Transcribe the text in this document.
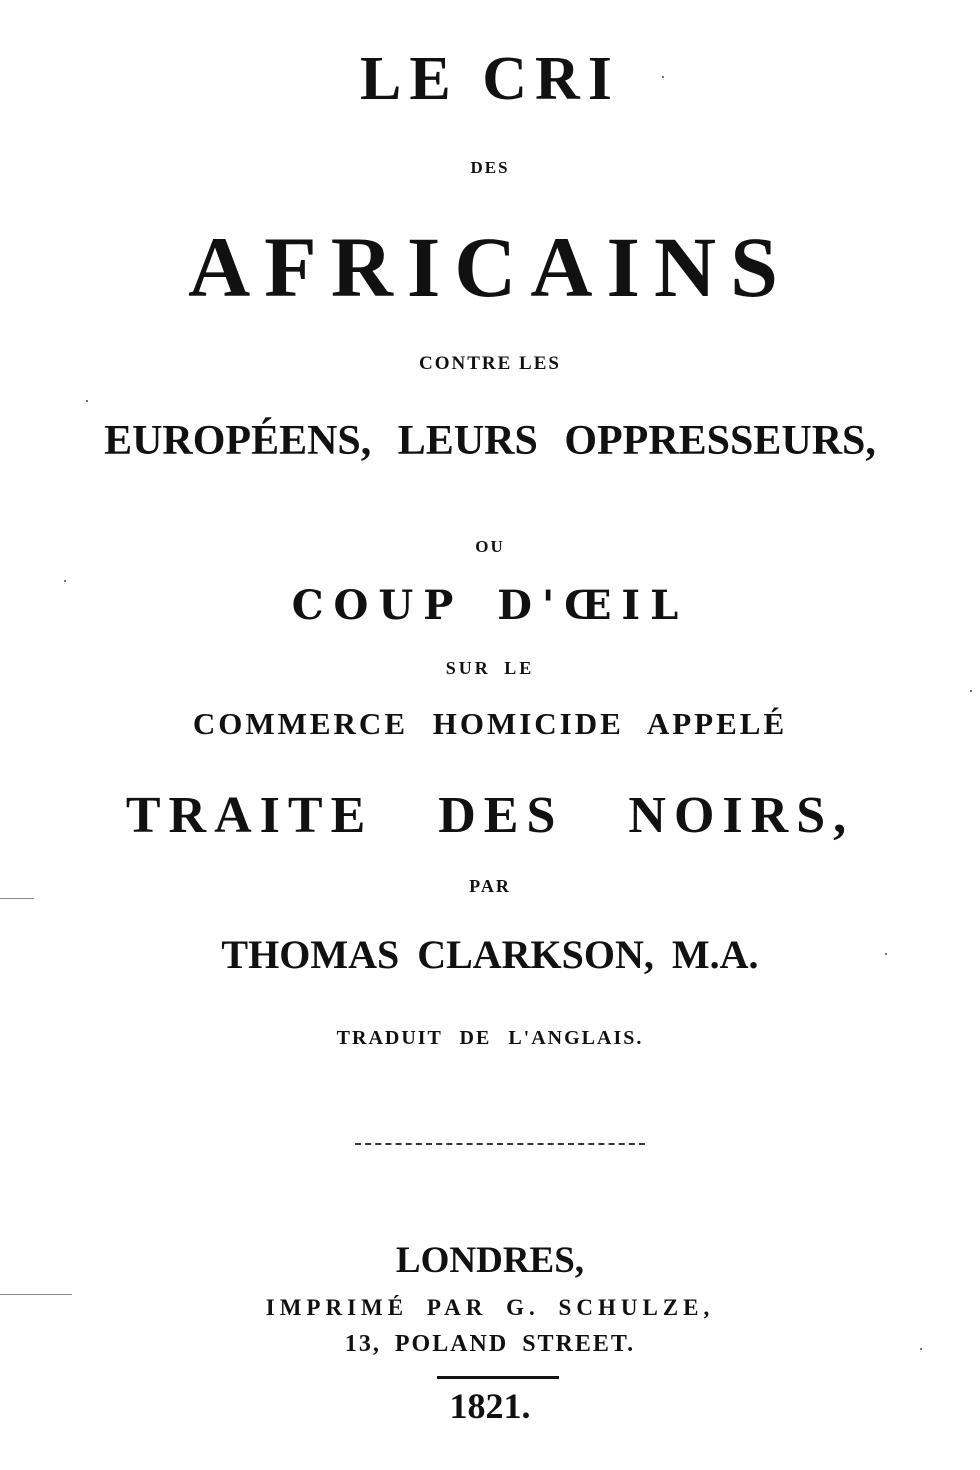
LE CRI
DES
AFRICAINS
CONTRE LES
EUROPÉENS, LEURS OPPRESSEURS,
OU
COUP D'ŒIL
SUR LE
COMMERCE HOMICIDE APPELÉ
TRAITE DES NOIRS,
PAR
THOMAS CLARKSON, M.A.
TRADUIT DE L'ANGLAIS.
LONDRES,
IMPRIMÉ PAR G. SCHULZE,
13, POLAND STREET.
1821.
